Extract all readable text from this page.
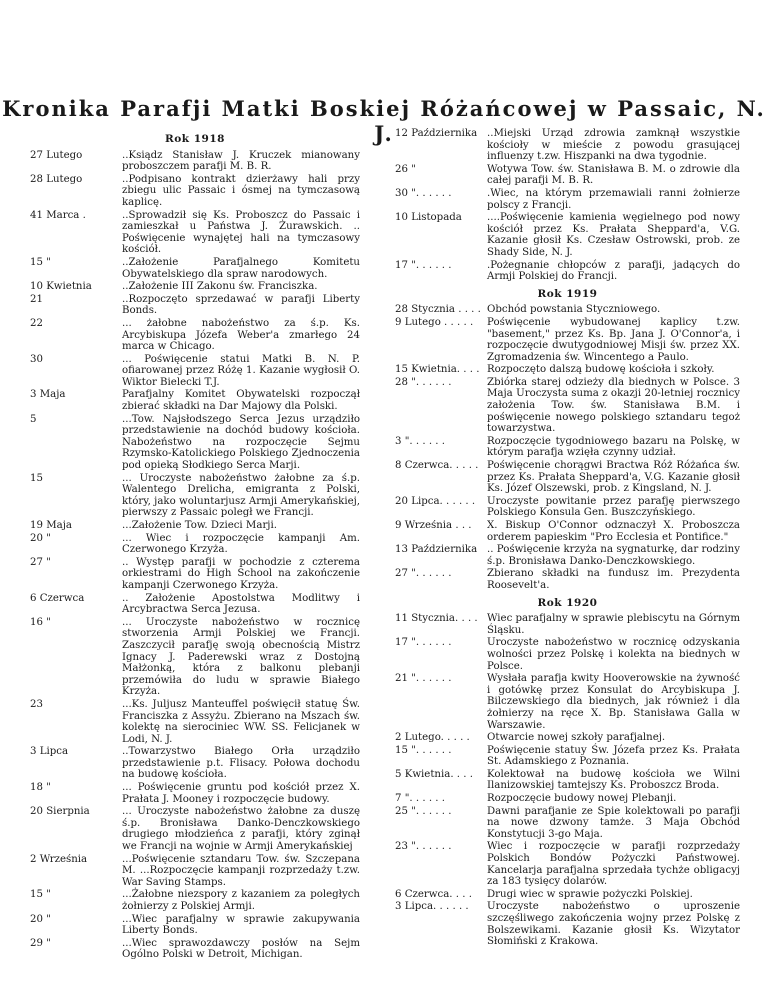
Kronika Parafji Matki Boskiej Różańcowej w Passaic, N. J.
Rok 1918
27 Lutego	..Ksiądz Stanisław J. Kruczek mianowany proboszczem parafji M. B. R.
28 Lutego	..Podpisano kontrakt dzierżawy hali przy zbiegu ulic Passaic i ósmej na tymczasową kaplicę.
41 Marca .	..Sprowadził się Ks. Proboszcz do Passaic i zamieszkał u Państwa J. Żurawskich. .. Poświęcenie wynajętej hali na tymczasowy kościół.
15 "	..Założenie Parafjalnego Komitetu Obywatelskiego dla spraw narodowych.
10 Kwietnia	..Założenie III Zakonu św. Franciszka.
21	..Rozpoczęto sprzedawać w parafji Liberty Bonds.
22	... żałobne nabożeństwo za ś.p. Ks. Arcybiskupa Józefa Weber'a zmarłego 24 marca w Chicago.
30	... Poświęcenie statui Matki B. N. P. ofiarowanej przez Różę 1. Kazanie wygłosił O. Wiktor Bielecki T.J.
3 Maja	Parafjalny Komitet Obywatelski rozpoczął zbierać składki na Dar Majowy dla Polski.
5	...Tow. Najsłodszego Serca Jezus urządziło przedstawienie na dochód budowy kościoła. Nabożeństwo na rozpoczęcie Sejmu Rzymsko-Katolickiego Polskiego Zjednoczenia pod opieką Słodkiego Serca Marji.
15	... Uroczyste nabożeństwo żałobne za ś.p. Walentego Drelicha, emigranta z Polski, który, jako woluntarjusz Armji Amerykańskiej, pierwszy z Passaic poległ we Francji.
19 Maja	...Założenie Tow. Dzieci Marji.
20 "	... Wiec i rozpoczęcie kampanji Am. Czerwonego Krzyża.
27 "	.. Występ parafji w pochodzie z czterema orkiestrami do High School na zakończenie kampanji Czerwonego Krzyża.
6 Czerwca	.. Założenie Apostolstwa Modlitwy i Arcybractwa Serca Jezusa.
16 "	... Uroczyste nabożeństwo w rocznicę stworzenia Armji Polskiej we Francji. Zaszczycił parafję swoją obecnością Mistrz Ignacy J. Paderewski wraz z Dostojną Małżonką, która z balkonu plebanji przemówiła do ludu w sprawie Białego Krzyża.
23	...Ks. Juljusz Manteuffel poświęcił statuę Św. Franciszka z Assyżu. Zbierano na Mszach św. kolektę na sierociniec WW. SS. Felicjanek w Lodi, N. J.
3 Lipca	..Towarzystwo Białego Orła urządziło przedstawienie p.t. Flisacy. Połowa dochodu na budowę kościoła.
18 "	... Poświęcenie gruntu pod kościół przez X. Prałata J. Mooney i rozpoczęcie budowy.
20 Sierpnia	... Uroczyste nabożeństwo żałobne za duszę ś.p. Bronisława Danko-Denczkowskiego drugiego młodzieńca z parafji, który zginął we Francji na wojnie w Armji Amerykańskiej
2 Września	...Poświęcenie sztandaru Tow. św. Szczepana M. ...Rozpoczęcie kampanji rozprzedaży t.zw. War Saving Stamps.
15 "	...Żałobne niezspory z kazaniem za poległych żołnierzy z Polskiej Armji.
20 "	...Wiec parafjalny w sprawie zakupywania Liberty Bonds.
29 "	...Wiec sprawozdawczy posłów na Sejm Ogólno Polski w Detroit, Michigan.
12 Października ..Miejski Urząd zdrowia zamknął wszystkie kościoły w mieście z powodu grasującej influenzy t.zw. Hiszpanki na dwa tygodnie.
26 "	Wotywa Tow. św. Stanisława B. M. o zdrowie dla całej parafji M. B. R.
30 ". . . . . .	.Wiec, na którym przemawiali ranni żołnierze polscy z Francji.
10 Listopada	....Poświęcenie kamienia węgielnego pod nowy kościół przez Ks. Prałata Sheppard'a, V.G. Kazanie głosił Ks. Czesław Ostrowski, prob. ze Shady Side, N. J.
17 ". . . . . .	.Pożegnanie chłopców z parafji, jadących do Armji Polskiej do Francji.
Rok 1919
28 Stycznia . . . . Obchód powstania Styczniowego.
9 Lutego . . . . .	Poświęcenie wybudowanej kaplicy t.zw. "basement," przez Ks. Bp. Jana J. O'Connor'a, i rozpoczęcie dwutygodniowej Misji św. przez XX. Zgromadzenia św. Wincentego a Paulo.
15 Kwietnia. . . . Rozpoczęto dalszą budowę kościoła i szkoły.
28 ". . . . . .	Zbiórka starej odzieży dla biednych w Polsce. 3 Maja Uroczysta suma z okazji 20-letniej rocznicy założenia Tow. św. Stanisława B.M. i poświęcenie nowego polskiego sztandaru tegoż towarzystwa.
3 ". . . . . .	Rozpoczęcie tygodniowego bazaru na Polskę, w którym parafja wzięła czynny udział.
8 Czerwca. . . . . Poświęcenie chorągwi Bractwa Róż Różańca św. przez Ks. Prałata Sheppard'a, V.G. Kazanie głosił Ks. Józef Olszewski, prob. z Kingsland, N. J.
20 Lipca. . . . . .	Uroczyste powitanie przez parafję pierwszego Polskiego Konsula Gen. Buszczyńskiego.
9 Września . . .	X. Biskup O'Connor odznaczył X. Proboszcza orderem papieskim "Pro Ecclesia et Pontifice."
13 Października .. Poświęcenie krzyża na sygnaturkę, dar rodziny ś.p. Bronisława Danko-Denczkowskiego.
27 ". . . . . .	Zbierano składki na fundusz im. Prezydenta Roosevelt'a.
Rok 1920
11 Stycznia. . . . Wiec parafjalny w sprawie plebiscytu na Górnym Śląsku.
17 ". . . . . .	Uroczyste nabożeństwo w rocznicę odzyskania wolności przez Polskę i kolekta na biednych w Polsce.
21 ". . . . . .	Wysłała parafja kwity Hooverowskie na żywność i gotówkę przez Konsulat do Arcybiskupa J. Bilczewskiego dla biednych, jak również i dla żołnierzy na ręce X. Bp. Stanisława Galla w Warszawie.
2 Lutego. . . . .	Otwarcie nowej szkoły parafjalnej.
15 ". . . . . .	Poświęcenie statuy Św. Józefa przez Ks. Prałata St. Adamskiego z Poznania.
5 Kwietnia. . . .	Kolektował na budowę kościoła we Wilni Ilanizowskiej tamtejszy Ks. Proboszcz Broda.
7 ". . . . . .	Rozpoczęcie budowy nowej Plebanji.
25 ". . . . . .	Dawni parafjanie ze Spie kolektowali po parafji na nowe dzwony tamże. 3 Maja Obchód Konstytucji 3-go Maja.
23 ". . . . . .	Wiec i rozpoczęcie w parafji rozprzedaży Polskich Bondów Pożyczki Państwowej. Kancelarja parafjalna sprzedała tychże obligacyj za 183 tysięcy dolarów.
6 Czerwca. . . .	Drugi wiec w sprawie pożyczki Polskiej.
3 Lipca. . . . . .	Uroczyste nabożeństwo o uproszenie szczęśliwego zakończenia wojny przez Polskę z Bolszewikami. Kazanie głosił Ks. Wizytator Słomiński z Krakowa.
